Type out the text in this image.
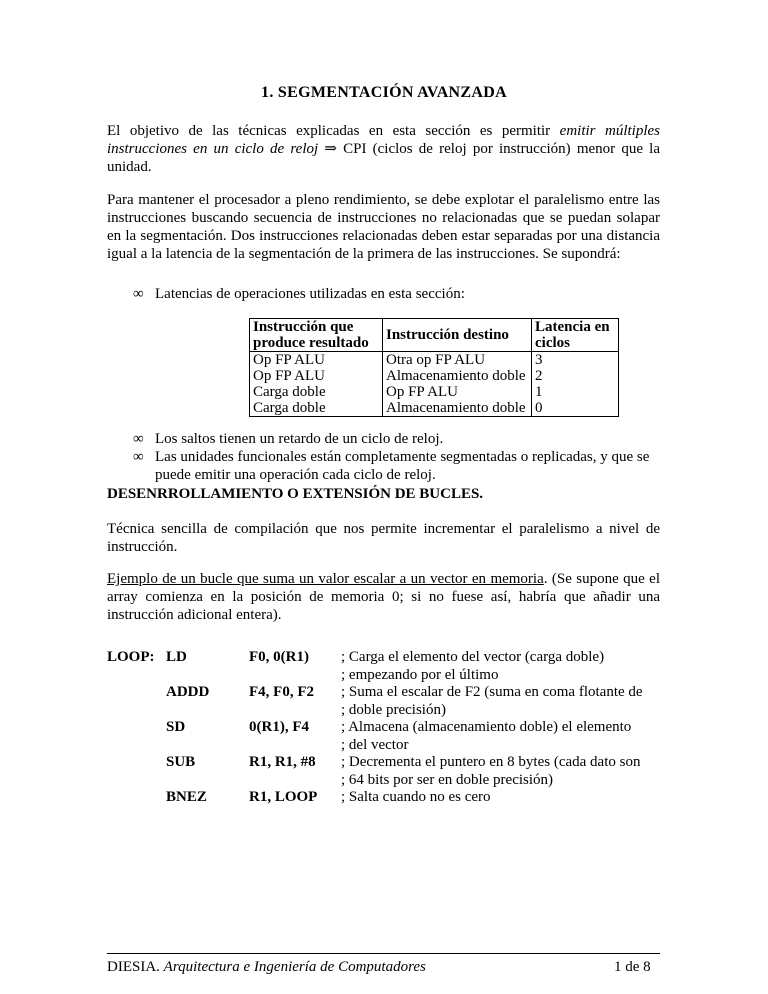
1. SEGMENTACIÓN AVANZADA

El objetivo de las técnicas explicadas en esta sección es permitir emitir múltiples instrucciones en un ciclo de reloj ⇒ CPI (ciclos de reloj por instrucción) menor que la unidad.

Para mantener el procesador a pleno rendimiento, se debe explotar el paralelismo entre las instrucciones buscando secuencia de instrucciones no relacionadas que se puedan solapar en la segmentación. Dos instrucciones relacionadas deben estar separadas por una distancia igual a la latencia de la segmentación de la primera de las instrucciones. Se supondrá:

∞ Latencias de operaciones utilizadas en esta sección:
Instrucción que produce resultado	Instrucción destino	Latencia en ciclos
Op FP ALU	Otra op FP ALU	3
Op FP ALU	Almacenamiento doble	2
Carga doble	Op FP ALU	1
Carga doble	Almacenamiento doble	0
∞ Los saltos tienen un retardo de un ciclo de reloj.
∞ Las unidades funcionales están completamente segmentadas o replicadas, y que se puede emitir una operación cada ciclo de reloj.
DESENRROLLAMIENTO O EXTENSIÓN DE BUCLES.

Técnica sencilla de compilación que nos permite incrementar el paralelismo a nivel de instrucción.

Ejemplo de un bucle que suma un valor escalar a un vector en memoria. (Se supone que el array comienza en la posición de memoria 0; si no fuese así, habría que añadir una instrucción adicional entera).

LOOP: LD	F0, 0(R1) ; Carga el elemento del vector (carga doble)
; empezando por el último
ADDD	F4, F0, F2 ; Suma el escalar de F2 (suma en coma flotante de
; doble precisión)
SD	0(R1), F4 ; Almacena (almacenamiento doble) el elemento
; del vector
SUB	R1, R1, #8 ; Decrementa el puntero en 8 bytes (cada dato son
; 64 bits por ser en doble precisión)
BNEZ	R1, LOOP ; Salta cuando no es cero
DIESIA. Arquitectura e Ingeniería de Computadores	1 de 8
